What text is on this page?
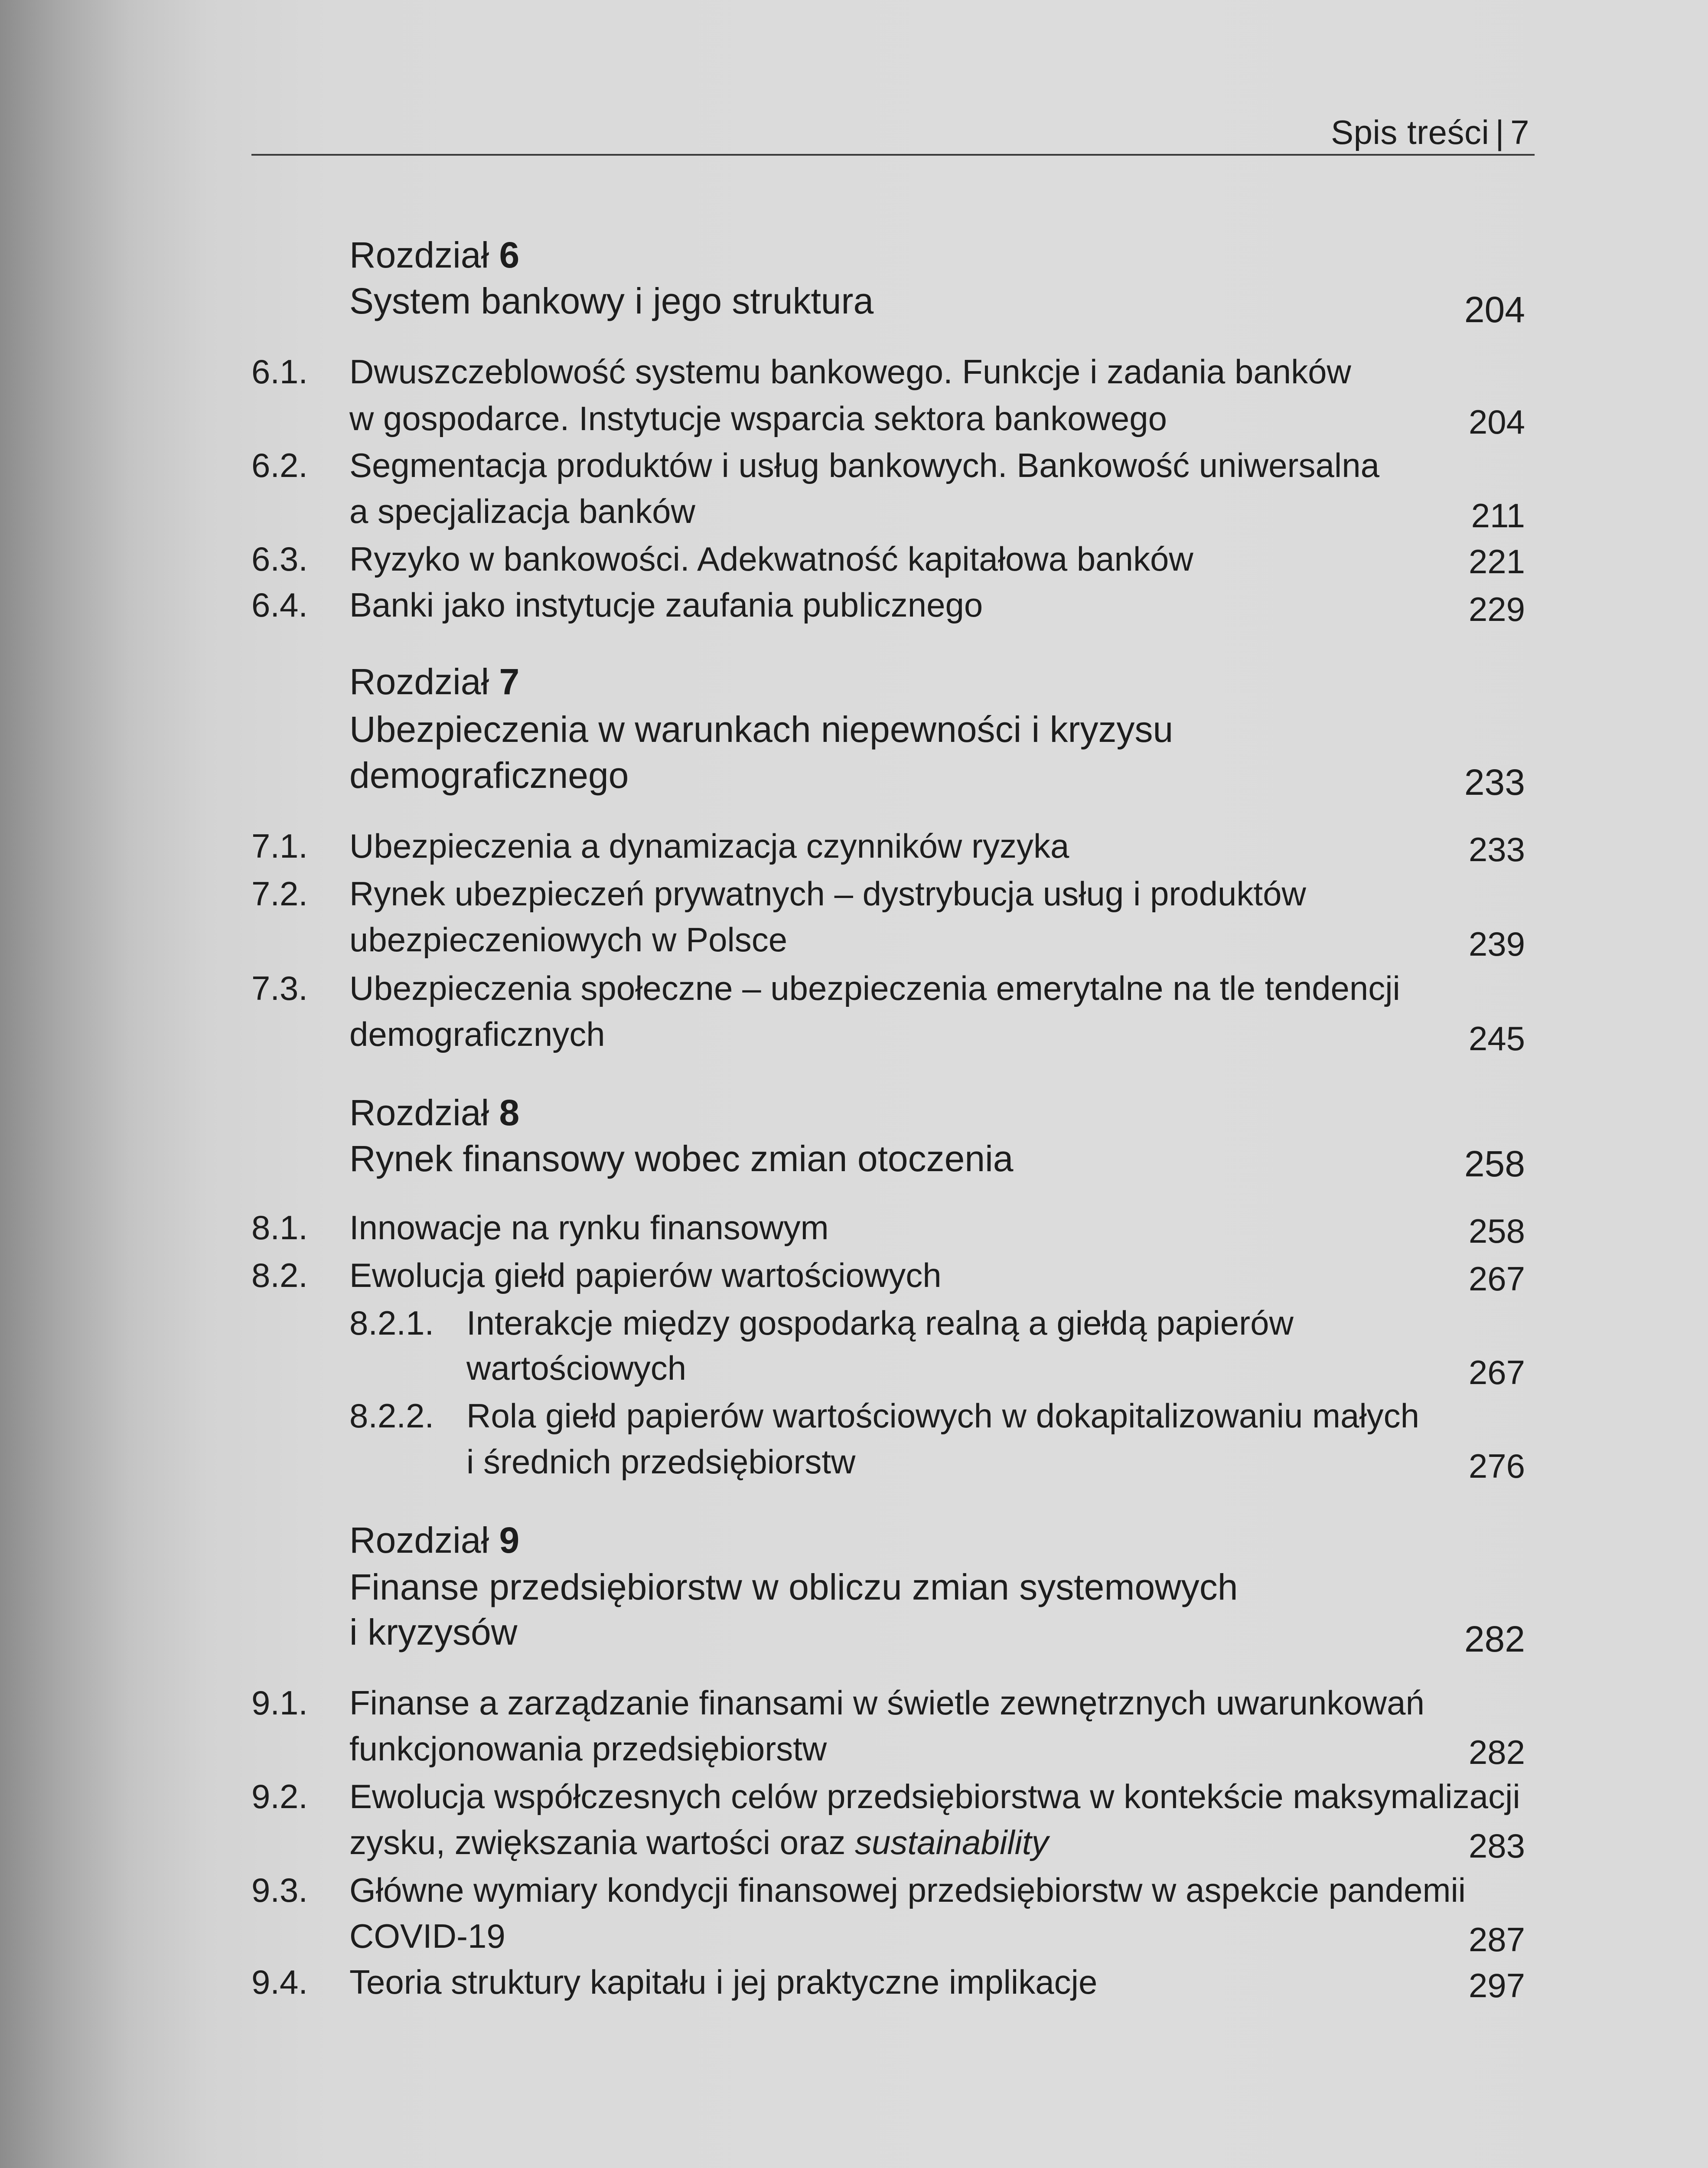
Spis treści | 7
Rozdział 6
System bankowy i jego struktura	204
6.1. Dwuszczeblowość systemu bankowego. Funkcje i zadania banków
w gospodarce. Instytucje wsparcia sektora bankowego	204
6.2. Segmentacja produktów i usług bankowych. Bankowość uniwersalna
a specjalizacja banków	211
6.3. Ryzyko w bankowości. Adekwatność kapitałowa banków	221
6.4. Banki jako instytucje zaufania publicznego	229
Rozdział 7
Ubezpieczenia w warunkach niepewności i kryzysu
demograficznego	233
7.1. Ubezpieczenia a dynamizacja czynników ryzyka	233
7.2. Rynek ubezpieczeń prywatnych – dystrybucja usług i produktów
ubezpieczeniowych w Polsce	239
7.3. Ubezpieczenia społeczne – ubezpieczenia emerytalne na tle tendencji
demograficznych	245
Rozdział 8
Rynek finansowy wobec zmian otoczenia	258
8.1. Innowacje na rynku finansowym	258
8.2. Ewolucja giełd papierów wartościowych	267
8.2.1. Interakcje między gospodarką realną a giełdą papierów
wartościowych	267
8.2.2. Rola giełd papierów wartościowych w dokapitalizowaniu małych
i średnich przedsiębiorstw	276
Rozdział 9
Finanse przedsiębiorstw w obliczu zmian systemowych
i kryzysów	282
9.1. Finanse a zarządzanie finansami w świetle zewnętrznych uwarunkowań
funkcjonowania przedsiębiorstw	282
9.2. Ewolucja współczesnych celów przedsiębiorstwa w kontekście maksymalizacji
zysku, zwiększania wartości oraz sustainability	283
9.3. Główne wymiary kondycji finansowej przedsiębiorstw w aspekcie pandemii
COVID-19	287
9.4. Teoria struktury kapitału i jej praktyczne implikacje	297
